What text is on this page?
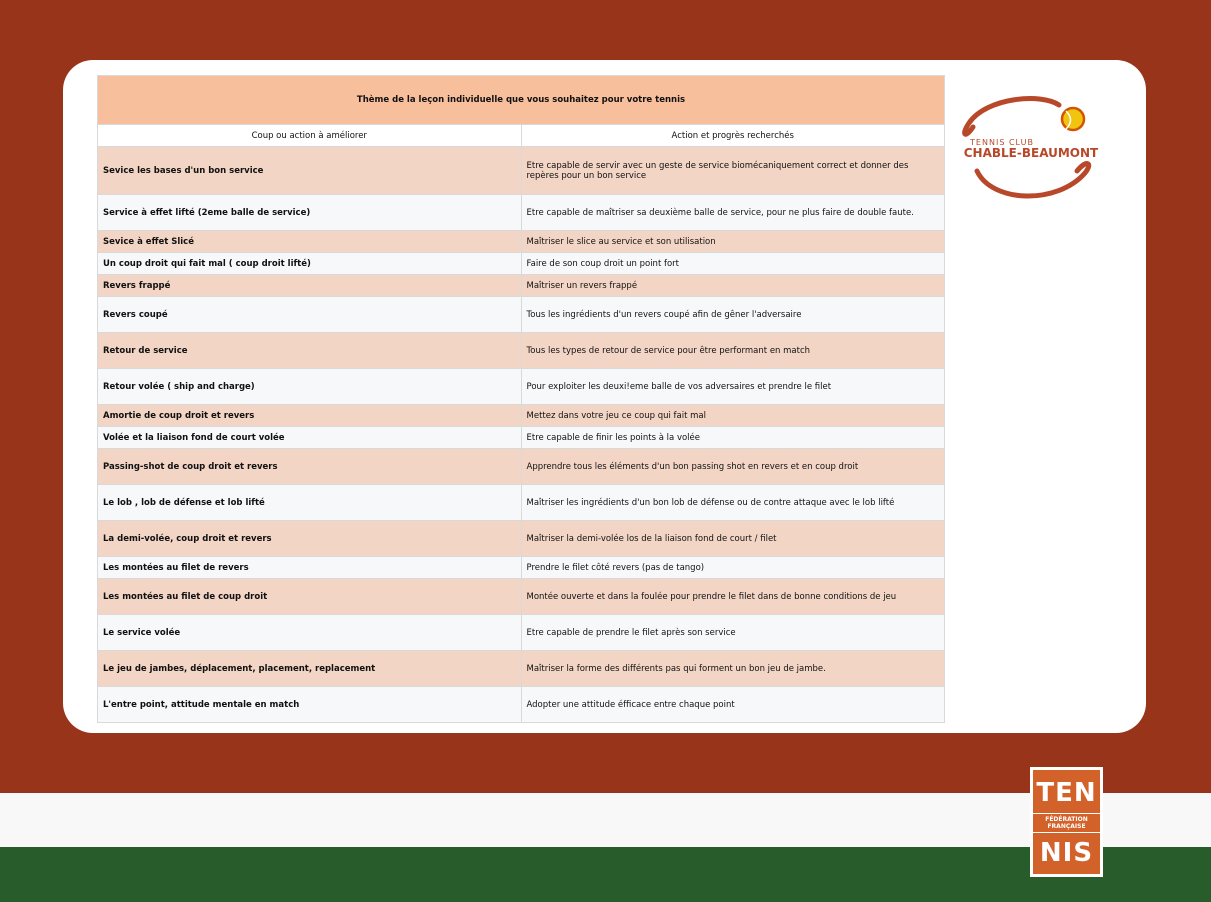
Thème de la leçon individuelle que vous souhaitez pour votre tennis	
Coup ou action à améliorer	Action et progrès recherchés
Sevice les bases d'un bon service	Etre capable de servir avec un geste de service biomécaniquement correct et donner des repères pour un bon service
Service à effet lifté (2eme balle de service)	Etre capable de maîtriser sa deuxième balle de service, pour ne plus faire de double faute.
Sevice à effet Slicé	Maîtriser le slice au service et son utilisation
Un coup droit qui fait mal ( coup droit lifté)	Faire de son coup droit un point fort
Revers frappé	Maîtriser un revers frappé
Revers coupé	Tous les ingrédients d'un revers coupé afin de gêner l'adversaire
Retour de service	Tous les types de retour de service pour être performant en match
Retour volée ( ship and charge)	Pour exploiter les deuxi!eme balle de vos adversaires et prendre le filet
Amortie de coup droit et revers	Mettez dans votre jeu ce coup qui fait mal
Volée et la liaison fond de court volée	Etre capable de finir les points à la volée
Passing-shot de coup droit et revers	Apprendre tous les éléments d'un bon passing shot en revers et en coup droit
Le lob , lob de défense et lob lifté	Maîtriser les ingrédients d'un bon lob de défense ou de contre attaque avec le lob lifté
La demi-volée, coup droit et revers	Maîtriser la demi-volée los de la liaison fond de court / filet
Les montées au filet de revers	Prendre le filet côté revers (pas de tango)
Les montées au filet de coup droit	Montée ouverte et dans la foulée pour prendre le filet dans de bonne conditions de jeu
Le service volée	Etre capable de prendre le filet après son service
Le jeu de jambes, déplacement, placement, replacement	Maîtriser la forme des différents pas qui forment un bon jeu de jambe.
L'entre point, attitude mentale en match	Adopter une attitude éfficace entre chaque point
TENNIS CLUB
CHABLE-BEAUMONT
TEN
FÉDÉRATION
FRANÇAISE
NIS
